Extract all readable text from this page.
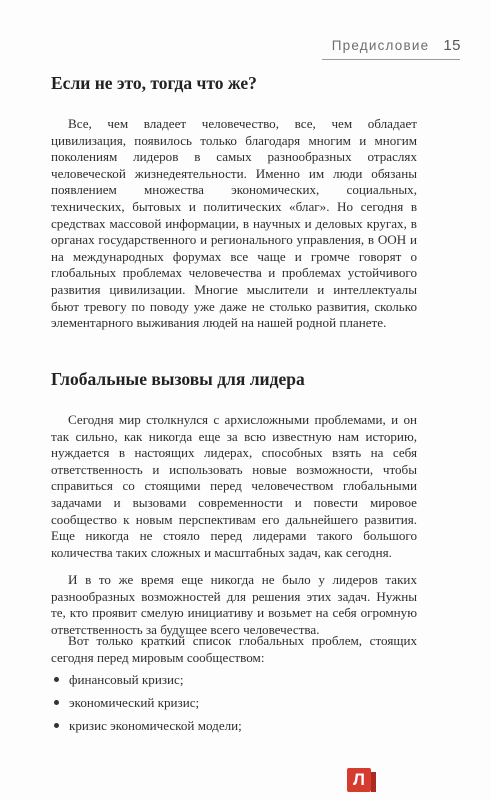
Предисловие 15
Если не это, тогда что же?

Все, чем владеет человечество, все, чем обладает цивилизация, появилось только благодаря многим и многим поколениям лидеров в самых разнообразных отраслях человеческой жизнедеятельности. Именно им люди обязаны появлением множества экономических, социальных, технических, бытовых и политических «благ». Но сегодня в средствах массовой информации, в научных и деловых кругах, в органах государственного и регионального управления, в ООН и на международных форумах все чаще и громче говорят о глобальных проблемах человечества и проблемах устойчивого развития цивилизации. Многие мыслители и интеллектуалы бьют тревогу по поводу уже даже не столько развития, сколько элементарного выживания людей на нашей родной планете.

Глобальные вызовы для лидера

Сегодня мир столкнулся с архисложными проблемами, и он так сильно, как никогда еще за всю известную нам историю, нуждается в настоящих лидерах, способных взять на себя ответственность и использовать новые возможности, чтобы справиться со стоящими перед человечеством глобальными задачами и вызовами современности и повести мировое сообщество к новым перспективам его дальнейшего развития. Еще никогда не стояло перед лидерами такого большого количества таких сложных и масштабных задач, как сегодня.

И в то же время еще никогда не было у лидеров таких разнообразных возможностей для решения этих задач. Нужны те, кто проявит смелую инициативу и возьмет на себя огромную ответственность за будущее всего человечества.

Вот только краткий список глобальных проблем, стоящих сегодня перед мировым сообществом:

финансовый кризис;
экономический кризис;
кризис экономической модели;
Л
